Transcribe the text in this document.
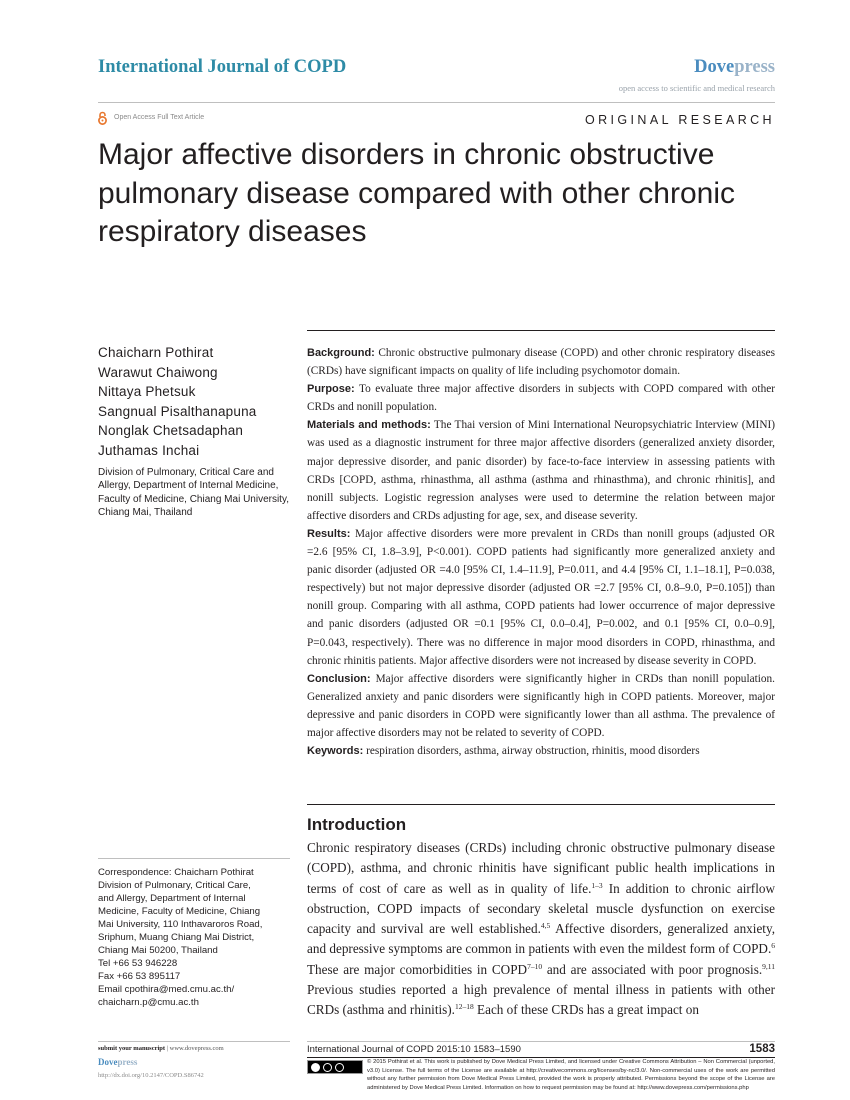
International Journal of COPD	Dovepress
open access to scientific and medical research
Open Access Full Text Article	ORIGINAL RESEARCH
Major affective disorders in chronic obstructive pulmonary disease compared with other chronic respiratory diseases
Chaicharn Pothirat
Warawut Chaiwong
Nittaya Phetsuk
Sangnual Pisalthanapuna
Nonglak Chetsadaphan
Juthamas Inchai
Division of Pulmonary, Critical Care and Allergy, Department of Internal Medicine, Faculty of Medicine, Chiang Mai University, Chiang Mai, Thailand

Background: Chronic obstructive pulmonary disease (COPD) and other chronic respiratory diseases (CRDs) have significant impacts on quality of life including psychomotor domain.

Purpose: To evaluate three major affective disorders in subjects with COPD compared with other CRDs and nonill population.

Materials and methods: The Thai version of Mini International Neuropsychiatric Interview (MINI) was used as a diagnostic instrument for three major affective disorders (generalized anxiety disorder, major depressive disorder, and panic disorder) by face-to-face interview in assessing patients with CRDs [COPD, asthma, rhinasthma, all asthma (asthma and rhinasthma), and chronic rhinitis], and nonill subjects. Logistic regression analyses were used to determine the relation between major affective disorders and CRDs adjusting for age, sex, and disease severity.

Results: Major affective disorders were more prevalent in CRDs than nonill groups (adjusted OR =2.6 [95% CI, 1.8–3.9], P<0.001). COPD patients had significantly more generalized anxiety and panic disorder (adjusted OR =4.0 [95% CI, 1.4–11.9], P=0.011, and 4.4 [95% CI, 1.1–18.1], P=0.038, respectively) but not major depressive disorder (adjusted OR =2.7 [95% CI, 0.8–9.0, P=0.105]) than nonill group. Comparing with all asthma, COPD patients had lower occurrence of major depressive and panic disorders (adjusted OR =0.1 [95% CI, 0.0–0.4], P=0.002, and 0.1 [95% CI, 0.0–0.9], P=0.043, respectively). There was no difference in major mood disorders in COPD, rhinasthma, and chronic rhinitis patients. Major affective disorders were not increased by disease severity in COPD.

Conclusion: Major affective disorders were significantly higher in CRDs than nonill population. Generalized anxiety and panic disorders were significantly high in COPD patients. Moreover, major depressive and panic disorders in COPD were significantly lower than all asthma. The prevalence of major affective disorders may not be related to severity of COPD.

Keywords: respiration disorders, asthma, airway obstruction, rhinitis, mood disorders

Introduction

Chronic respiratory diseases (CRDs) including chronic obstructive pulmonary disease (COPD), asthma, and chronic rhinitis have significant public health implications in terms of cost of care as well as in quality of life.$^{1-3}$ In addition to chronic airflow obstruction, COPD impacts of secondary skeletal muscle dysfunction on exercise capacity and survival are well established.$^{4,5}$ Affective disorders, generalized anxiety, and depressive symptoms are common in patients with even the mildest form of COPD.$^6$ These are major comorbidities in COPD$^{7-10}$ and are associated with poor prognosis.$^{9,11}$ Previous studies reported a high prevalence of mental illness in patients with other CRDs (asthma and rhinitis).$^{12-18}$ Each of these CRDs has a great impact on

Correspondence: Chaicharn Pothirat
Division of Pulmonary, Critical Care,
and Allergy, Department of Internal
Medicine, Faculty of Medicine, Chiang
Mai University, 110 Inthavaroros Road,
Sriphum, Muang Chiang Mai District,
Chiang Mai 50200, Thailand
Tel +66 53 946228
Fax +66 53 895117
Email cpothira@med.cmu.ac.th/
chaicharn.p@cmu.ac.th
submit your manuscript | www.dovepress.com
Dovepress
http://dx.doi.org/10.2147/COPD.S86742
International Journal of COPD 2015:10 1583–1590	1583

© 2015 Pothirat et al. This work is published by Dove Medical Press Limited, and licensed under Creative Commons Attribution – Non Commercial (unported, v3.0) License. The full terms of the License are available at http://creativecommons.org/licenses/by-nc/3.0/. Non-commercial uses of the work are permitted without any further permission from Dove Medical Press Limited, provided the work is properly attributed. Permissions beyond the scope of the License are administered by Dove Medical Press Limited. Information on how to request permission may be found at: http://www.dovepress.com/permissions.php
